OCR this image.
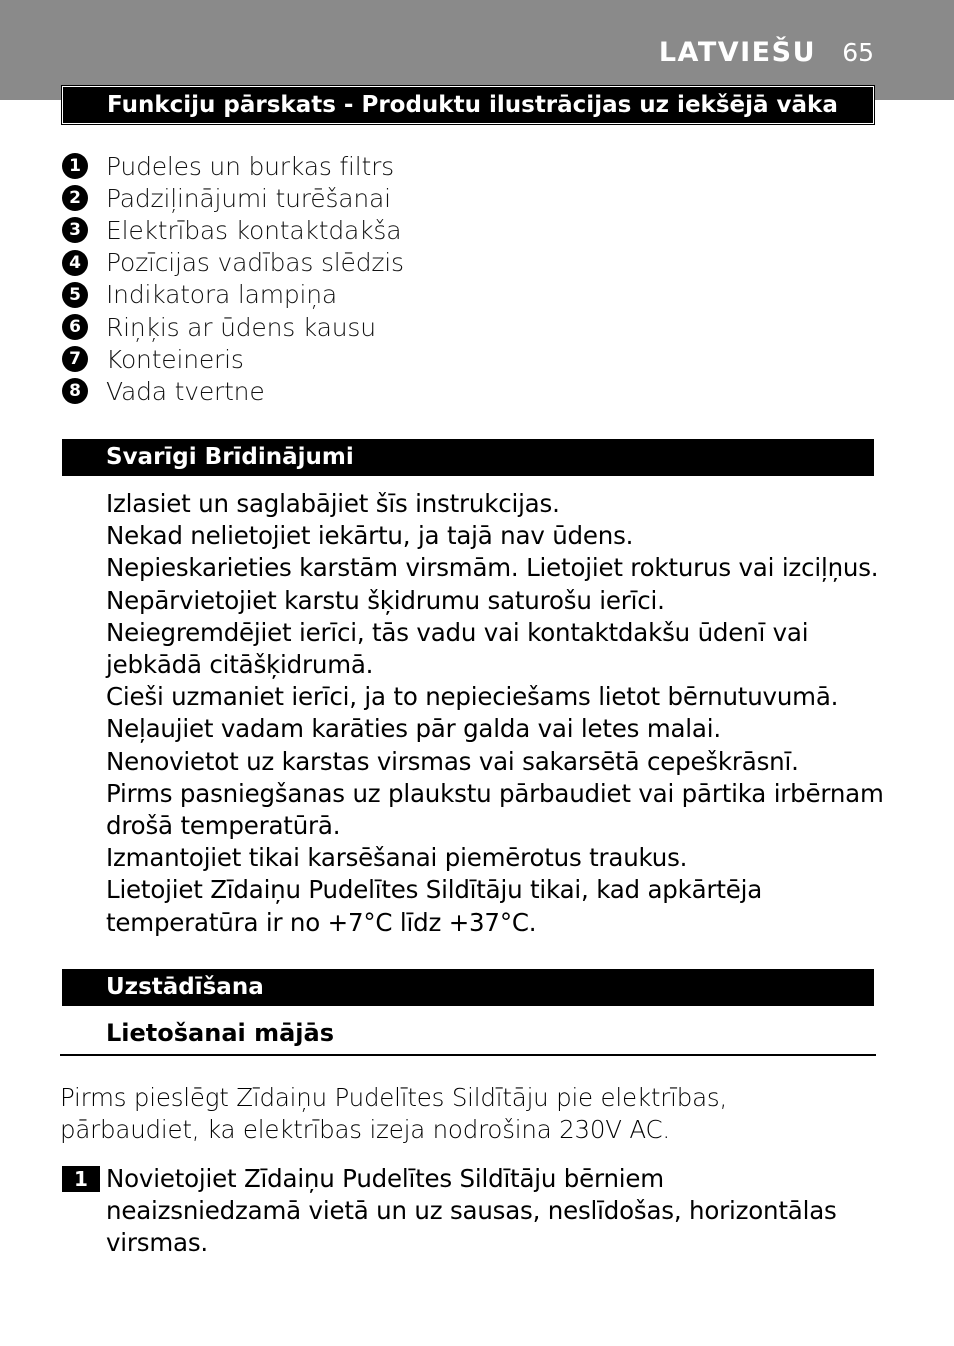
LATVIEŠU 65
Funkciju pārskats - Produktu ilustrācijas uz iekšējā vāka
1 Pudeles un burkas filtrs
2 Padziļinājumi turēšanai
3 Elektrības kontaktdakša
4 Pozīcijas vadības slēdzis
5 Indikatora lampiņa
6 Riņķis ar ūdens kausu
7 Konteineris
8 Vada tvertne
Svarīgi Brīdinājumi

Izlasiet un saglabājiet šīs instrukcijas.

Nekad nelietojiet iekārtu, ja tajā nav ūdens.

Nepieskarieties karstām virsmām. Lietojiet rokturus vai izciļņus.

Nepārvietojiet karstu šķidrumu saturošu ierīci.

Neiegremdējiet ierīci, tās vadu vai kontaktdakšu ūdenī vai jebkādā citāšķidrumā.

Cieši uzmaniet ierīci, ja to nepieciešams lietot bērnutuvumā.

Neļaujiet vadam karāties pār galda vai letes malai.

Nenovietot uz karstas virsmas vai sakarsētā cepeškrāsnī.

Pirms pasniegšanas uz plaukstu pārbaudiet vai pārtika irbērnam drošā temperatūrā.

Izmantojiet tikai karsēšanai piemērotus traukus.

Lietojiet Zīdaiņu Pudelītes Sildītāju tikai, kad apkārtēja temperatūra ir no +7°C līdz +37°C.

Uzstādīšana
Lietošanai mājās

Pirms pieslēgt Zīdaiņu Pudelītes Sildītāju pie elektrības, pārbaudiet, ka elektrības izeja nodrošina 230V AC.

1 Novietojiet Zīdaiņu Pudelītes Sildītāju bērniem neaizsniedzamā vietā un uz sausas, neslīdošas, horizontālas virsmas.
